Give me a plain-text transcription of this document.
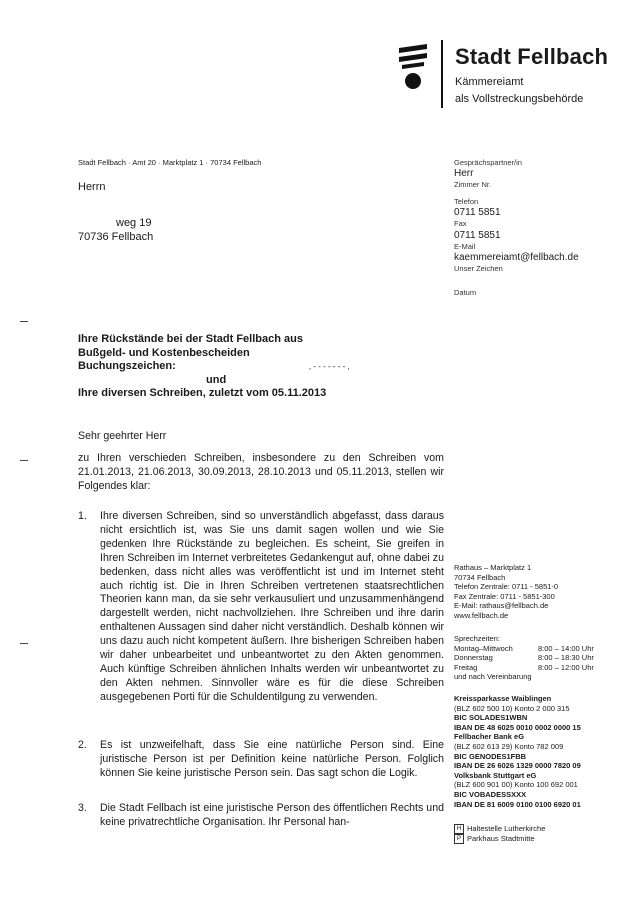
Stadt Fellbach
Kämmereiamt
als Vollstreckungsbehörde
Stadt Fellbach · Amt 20 · Marktplatz 1 · 70734 Fellbach
Herrn
weg 19
70736 Fellbach
Gesprächspartner/in
Herr
Zimmer Nr.
Telefon
0711 5851
Fax
0711 5851
E-Mail
kaemmereiamt@fellbach.de
Unser Zeichen
Datum
Ihre Rückstände bei der Stadt Fellbach aus
Bußgeld- und Kostenbescheiden
Buchungszeichen:	, - - - - - - - ,
und
Ihre diversen Schreiben, zuletzt vom 05.11.2013
Sehr geehrter Herr
zu Ihren verschieden Schreiben, insbesondere zu den Schreiben vom 21.01.2013, 21.06.2013, 30.09.2013, 28.10.2013 und 05.11.2013, stellen wir Folgendes klar:
1. Ihre diversen Schreiben, sind so unverständlich abgefasst, dass daraus nicht ersichtlich ist, was Sie uns damit sagen wollen und wie Sie gedenken Ihre Rückstände zu begleichen. Es scheint, Sie greifen in Ihren Schreiben im Internet verbreitetes Gedankengut auf, ohne dabei zu bedenken, dass nicht alles was veröffentlicht ist und im Internet steht auch richtig ist. Die in Ihren Schreiben vertretenen staatsrechtlichen Theorien kann man, da sie sehr verkausuliert und unzusammenhängend dargestellt werden, nicht nachvollziehen. Ihre Schreiben und ihre darin enthaltenen Aussagen sind daher nicht verständlich. Deshalb können wir uns dazu auch nicht kompetent äußern. Ihre bisherigen Schreiben haben wir daher unbearbeitet und unbeantwortet zu den Akten genommen. Auch künftige Schreiben ähnlichen Inhalts werden wir unbeantwortet zu den Akten nehmen. Sinnvoller wäre es für die diese Schreiben ausgegebenen Porti für die Schuldentilgung zu verwenden.
2. Es ist unzweifelhaft, dass Sie eine natürliche Person sind. Eine juristische Person ist per Definition keine natürliche Person. Folglich können Sie keine juristische Person sein. Das sagt schon die Logik.
3. Die Stadt Fellbach ist eine juristische Person des öffentlichen Rechts und keine privatrechtliche Organisation. Ihr Personal han-
Rathaus – Marktplatz 1
70734 Fellbach
Telefon Zentrale: 0711 - 5851-0
Fax Zentrale: 0711 - 5851-300
E-Mail: rathaus@fellbach.de
www.fellbach.de
Sprechzeiten:
Montag–Mittwoch	8:00 – 14:00 Uhr
Donnerstag	8:00 – 18:30 Uhr
Freitag	8:00 – 12:00 Uhr
und nach Vereinbarung
Kreissparkasse Waiblingen
(BLZ 602 500 10) Konto 2 000 315
BIC SOLADES1WBN
IBAN DE 48 6025 0010 0002 0000 15
Fellbacher Bank eG
(BLZ 602 613 29) Konto 782 009
BIC GENODES1FBB
IBAN DE 26 6026 1329 0000 7820 09
Volksbank Stuttgart eG
(BLZ 600 901 00) Konto 100 692 001
BIC VOBADESSXXX
IBAN DE 81 6009 0100 0100 6920 01
H Haltestelle Lutherkirche
P Parkhaus Stadtmitte
